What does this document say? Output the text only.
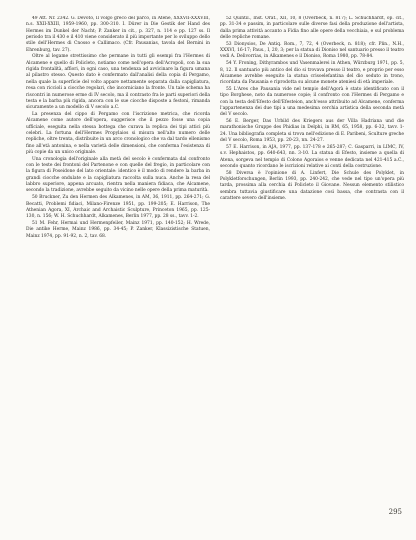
49 Att. Nr. 2342. G. Devoto, Il volgo greco del parco, in Atene, XXXVII-XXXVIII, n.s. XXII-XXIII, 1959-1960, pp. 300-310. I. Dürer in Die Gestik der Hand des Hermes im Dunkel der Nacht; P. Zanker in cit., p. 327, n. 114 e pp. 127 ss. Il periodo tra il 430 e il 410 viene considerato il più importante per lo sviluppo dello stile dell'Hermes di Cnosso e Callimaco. (Cfr. Pausanias, tavola del Bernini in Ehrenburg, tav. 27).

Oltre al legame strettissimo che permane in tutti gli esempi fra l'Hermes di Alcamene e quello di Policleto, notiamo come nell'opera dell'Acropoli, con la sua rigida frontalità, affiori, in ogni caso, una tendenza ad avvicinare la figura umana al pilastro stesso. Questo dato è confermato dall'analisi della copia di Pergamo, nella quale la superficie del volto appare nettamente separata dalla capigliatura, resa con riccioli a ciocche regolari, che incorniciano la fronte. Un tale schema ha riscontri in numerose erme di IV secolo, ma il contrasto fra le parti superiori della testa e la barba più rigida, ancora con le sue ciocche disposte a festoni, rimanda sicuramente a un modello di V secolo a.C.

La presenza del cippo di Pergamo con l'iscrizione metrica, che ricorda Alcamene come autore dell'opera, suggerisce che il pezzo fosse una copia ufficiale, eseguita nella stessa bottega che curava la replica dei tipi attici più celebri. La fortuna dell'Hermes Propylaios si misura nell'alto numero delle repliche, oltre trenta, distribuite in un arco cronologico che va dal tardo ellenismo fino all'età antonina, e nella varietà delle dimensioni, che conferma l'esistenza di più copie da un unico originale.

Una cronologia dell'originale alla metà del secolo è confermata dal confronto con le teste dei frontoni del Partenone e con quelle del fregio, in particolare con la figura di Poseidone del lato orientale: identico è il modo di rendere la barba in grandi ciocche ondulate e la capigliatura raccolta sulla nuca. Anche la resa del labbro superiore, appena arcuato, rientra nella maniera fidiaca, che Alcamene, secondo la tradizione, avrebbe seguito da vicino nelle opere della prima maturità.

50 Bruckner, Zu den Hermen des Alkamenes, in AM, 36, 1911, pp. 264-271; G. Becatti, Problemi fidiaci, Milano-Firenze 1951, pp. 199-205; E. Harrison, The Athenian Agora, XI, Archaic and Archaistic Sculpture, Princeton 1965, pp. 125-130, n. 156; W. H. Schuchhardt, Alkamenes, Berlin 1977, pp. 28 ss., tavv. 1-2.

51 M. Fehr, Hermai und Hermenpfeiler, Mainz 1971, pp. 140-152; H. Wrede, Die antike Herme, Mainz 1986, pp. 34-45; P. Zanker, Klassizistische Statuen, Mainz 1974, pp. 91-92, n. 2, tav. 68.

52 Quintil., Inst. Orat., XII, 10, 8 (Overbeck, n. 817); L. Schuchhardt, op. cit., pp. 31-34 e passim, in particolare sulle diverse fasi della produzione dell'artista, dalla prima attività accanto a Fidia fino alle opere della vecchiaia, e sul problema delle repliche romane.

53 Dionysios, De Antiq. Rom., 7, 72, 4 (Overbeck, n. 818); cfr. Plin., N.H., XXXVI, 16-17; Paus., I, 20, 3; per la statua di Dioniso nel santuario presso il teatro vedi A. Delivorrias, in Alkamenes e il Dioniso, Roma 1980, pp. 78-84.

54 Y. Froning, Dithyrambos und Vasenmalerei in Athen, Würzburg 1971, pp. 5, 8, 12. Il santuario più antico del dio si trovava presso il teatro, e proprio per esso Alcamene avrebbe eseguito la statua crisoelefantina del dio seduto in trono, ricordata da Pausania e riprodotta su alcune monete ateniesi di età imperiale.

55 L'Ares che Pausania vide nel tempio dell'Agorà è stato identificato con il tipo Borghese, noto da numerose copie; il confronto con l'Hermes di Pergamo e con la testa dell'Efesto dell'Efesteion, anch'esso attribuito ad Alcamene, conferma l'appartenenza dei due tipi a una medesima cerchia artistica della seconda metà del V secolo.

56 E. Berger, Das Urbild des Kriegers aus der Villa Hadriana und die marathonische Gruppe des Phidias in Delphi, in RM, 65, 1958, pp. 6-32, tavv. 1-24. Una bibliografia completa si trova nell'edizione di E. Paribeni, Sculture greche del V secolo, Roma 1953, pp. 20-23, nn. 24-27.

57 E. Harrison, in AJA, 1977, pp. 137-178 e 265-287; C. Gasparri, in LIMC, IV, s.v. Hephaistos, pp. 640-643, nn. 3-10. La statua di Efesto, insieme a quella di Atena, sorgeva nel tempio di Colono Agoraios e venne dedicata nel 421-415 a.C., secondo quanto ricordano le iscrizioni relative ai conti della costruzione.

58 Diversa è l'opinione di A. Linfert, Die Schule des Polyklet, in Polykletforschungen, Berlin 1993, pp. 240-242, che vede nel tipo un'opera più tarda, prossima alla cerchia di Policleto il Giovane. Nessun elemento stilistico sembra tuttavia giustificare una datazione così bassa, che contrasta con il carattere severo dell'insieme.

295
